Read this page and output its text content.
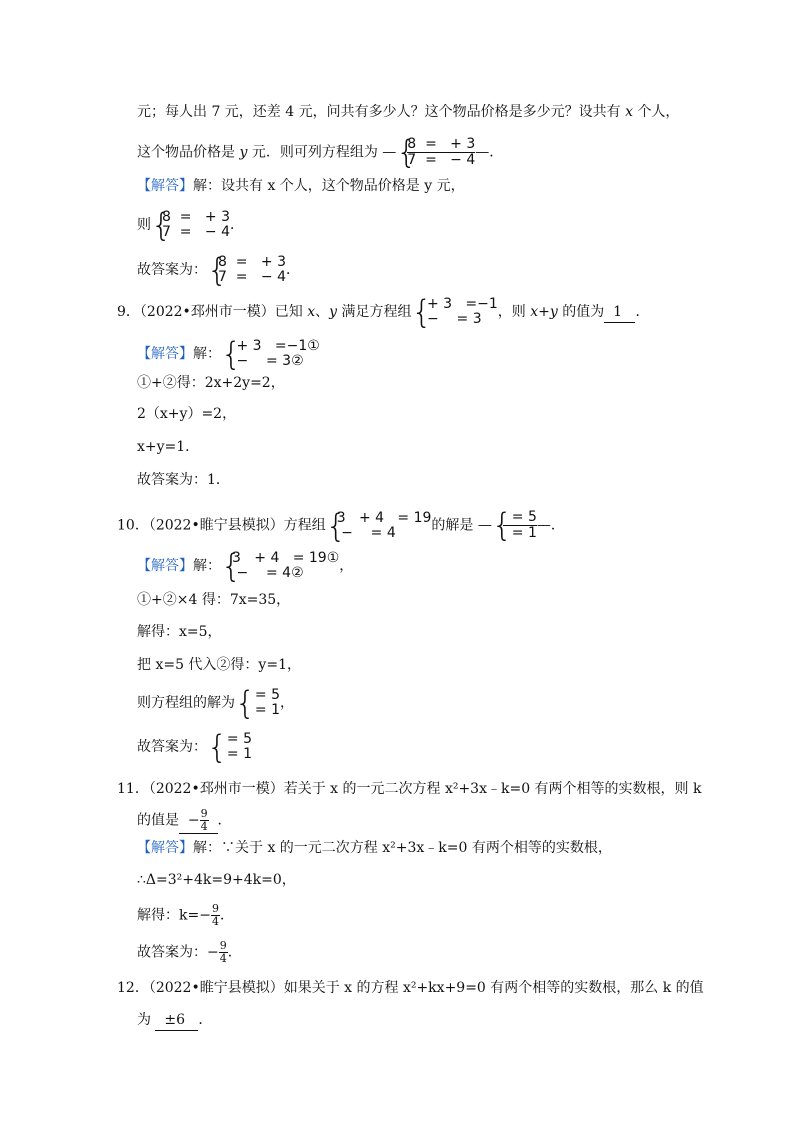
元；每人出 7 元，还差 4 元，问共有多少人？这个物品价格是多少元？设共有 x 个人，
这个物品价格是 y 元．则可列方程组为 — {
8  =   + 3
7  =   − 4 —．
【解答】解：设共有 x 个人，这个物品价格是 y 元，
则 {
8  =   + 3
7  =   − 4 ．
故答案为： {
8  =   + 3
7  =   − 4 ．
9．（2022•邳州市一模）已知 x、y 满足方程组 {
+ 3   =−1
−    = 3	，则 x+y 的值为 1 ．
【解答】解： {
+ 3   =−1①
−    = 3②
①+②得：2x+2y=2，
2（x+y）=2，
x+y=1．
故答案为：1．
10．（2022•睢宁县模拟）方程组 {
3   + 4   = 19
−    = 4	的解是 — {
= 5
= 1 —．
【解答】解： {
3   + 4   = 19①
−    = 4②	，
①+②×4 得：7x=35，
解得：x=5，
把 x=5 代入②得：y=1，
则方程组的解为 {
= 5
= 1 ，
故答案为： {
= 5
= 1
11．（2022•邳州市一模）若关于 x 的一元二次方程 x²+3x﹣k=0 有两个相等的实数根，则 k
的值是 − $\frac{9}{4}$ ．
【解答】解：∵关于 x 的一元二次方程 x²+3x﹣k=0 有两个相等的实数根，
∴Δ=3²+4k=9+4k=0，
解得：$k=- \frac{9}{4}$ ．
故答案为：− $\frac{9}{4}$ ．
12．（2022•睢宁县模拟）如果关于 x 的方程 x²+kx+9=0 有两个相等的实数根，那么 k 的值
为 ±6 ．
